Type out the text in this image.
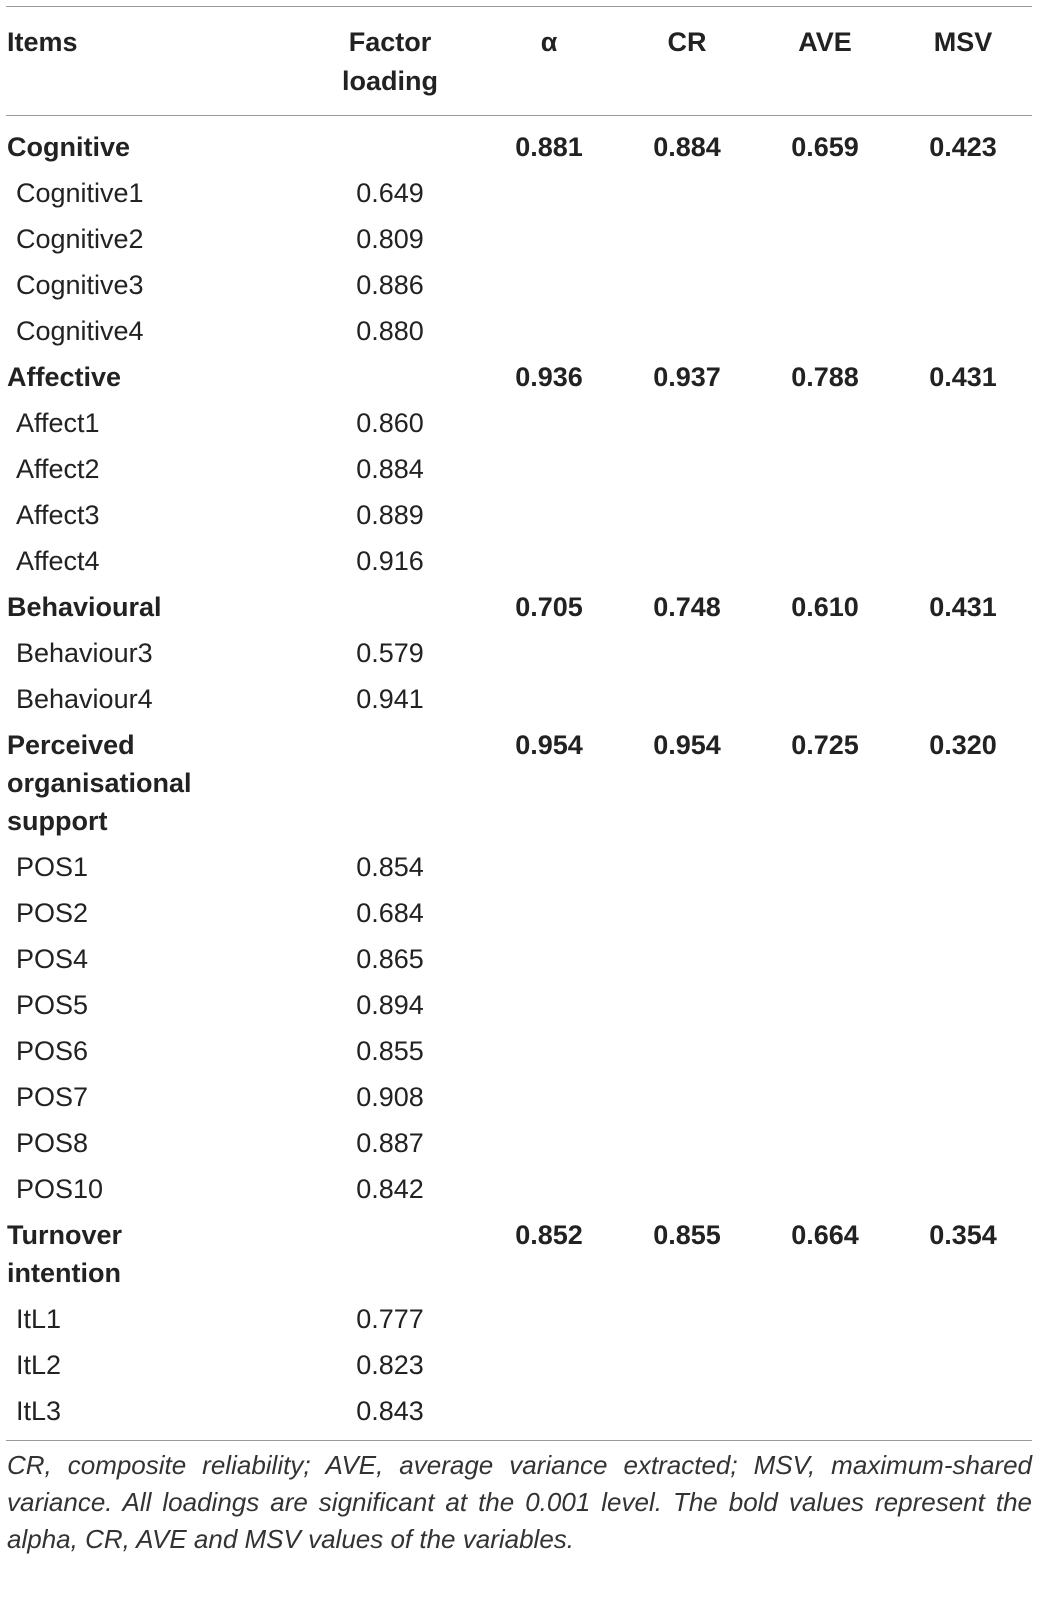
Items	Factor loading	α	CR	AVE	MSV
Cognitive		0.881	0.884	0.659	0.423
Cognitive1	0.649				
Cognitive2	0.809				
Cognitive3	0.886				
Cognitive4	0.880				
Affective		0.936	0.937	0.788	0.431
Affect1	0.860				
Affect2	0.884				
Affect3	0.889				
Affect4	0.916				
Behavioural		0.705	0.748	0.610	0.431
Behaviour3	0.579				
Behaviour4	0.941				
Perceived organisational support		0.954	0.954	0.725	0.320
POS1	0.854				
POS2	0.684				
POS4	0.865				
POS5	0.894				
POS6	0.855				
POS7	0.908				
POS8	0.887				
POS10	0.842				
Turnover intention		0.852	0.855	0.664	0.354
ItL1	0.777				
ItL2	0.823				
ItL3	0.843				
CR, composite reliability; AVE, average variance extracted; MSV, maximum-shared variance. All loadings are significant at the 0.001 level. The bold values represent the alpha, CR, AVE and MSV values of the variables.
